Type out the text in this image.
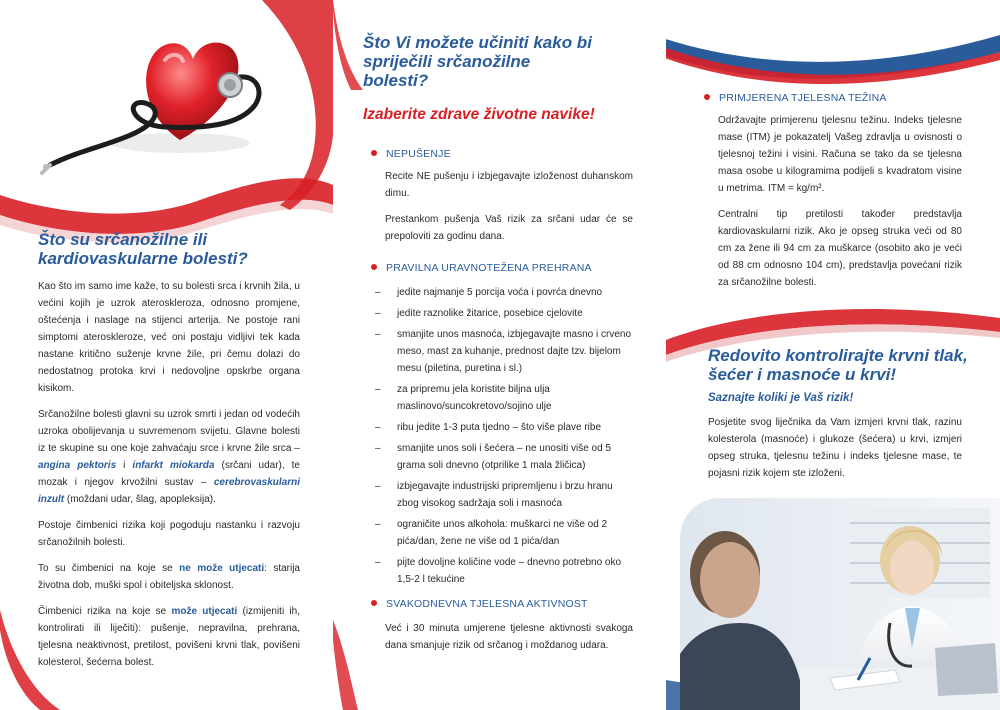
Što su srčanožilne ili kardiovaskularne bolesti?

Kao što im samo ime kaže, to su bolesti srca i krvnih žila, u većini kojih je uzrok ateroskleroza, odnosno promjene, oštećenja i naslage na stijenci arterija. Ne postoje rani simptomi ateroskleroze, već oni postaju vidljivi tek kada nastane kritično suženje krvne žile, pri čemu dolazi do nedostatnog protoka krvi i nedovoljne opskrbe organa kisikom.

Srčanožilne bolesti glavni su uzrok smrti i jedan od vodećih uzroka obolijevanja u suvremenom svijetu. Glavne bolesti iz te skupine su one koje zahvaćaju srce i krvne žile srca – angina pektoris i infarkt miokarda (srčani udar), te mozak i njegov krvožilni sustav – cerebrovaskularni inzult (moždani udar, šlag, apopleksija).

Postoje čimbenici rizika koji pogoduju nastanku i razvoju srčanožilnih bolesti.

To su čimbenici na koje se ne može utjecati: starija životna dob, muški spol i obiteljska sklonost.

Čimbenici rizika na koje se može utjecati (izmijeniti ih, kontrolirati ili liječiti): pušenje, nepravilna, prehrana, tjelesna neaktivnost, pretilost, povišeni krvni tlak, povišeni kolesterol, šećerna bolest.

Što Vi možete učiniti kako bi spriječili srčanožilne bolesti?
Izaberite zdrave životne navike!
NEPUŠENJE

Recite NE pušenju i izbjegavajte izloženost duhanskom dimu.

Prestankom pušenja Vaš rizik za srčani udar će se prepoloviti za godinu dana.

PRAVILNA URAVNOTEŽENA PREHRANA
– jedite najmanje 5 porcija voća i povrća dnevno
– jedite raznolike žitarice, posebice cjelovite
– smanjite unos masnoća, izbjegavajte masno i crveno meso, mast za kuhanje, prednost dajte tzv. bijelom mesu (piletina, puretina i sl.)
– za pripremu jela koristite biljna ulja maslinovo/suncokretovo/sojino ulje
– ribu jedite 1-3 puta tjedno – što više plave ribe
– smanjite unos soli i šećera – ne unositi više od 5 grama soli dnevno (otprilike 1 mala žličica)
– izbjegavajte industrijski pripremljenu i brzu hranu zbog visokog sadržaja soli i masnoća
– ograničite unos alkohola: muškarci ne više od 2 pića/dan, žene ne više od 1 pića/dan
– pijte dovoljne količine vode – dnevno potrebno oko 1,5-2 l tekućine
SVAKODNEVNA TJELESNA AKTIVNOST

Već i 30 minuta umjerene tjelesne aktivnosti svakoga dana smanjuje rizik od srčanog i moždanog udara.

PRIMJERENA TJELESNA TEŽINA

Održavajte primjerenu tjelesnu težinu. Indeks tjelesne mase (ITM) je pokazatelj Vašeg zdravlja u ovisnosti o tjelesnoj težini i visini. Računa se tako da se tjelesna masa osobe u kilogramima podijeli s kvadratom visine u metrima. ITM = kg/m².

Centralni tip pretilosti također predstavlja kardiovaskularni rizik. Ako je opseg struka veći od 80 cm za žene ili 94 cm za muškarce (osobito ako je veći od 88 cm odnosno 104 cm), predstavlja povećani rizik za srčanožilne bolesti.

Redovito kontrolirajte krvni tlak, šećer i masnoće u krvi!
Saznajte koliki je Vaš rizik!

Posjetite svog liječnika da Vam izmjeri krvni tlak, razinu kolesterola (masnoće) i glukoze (šećera) u krvi, izmjeri opseg struka, tjelesnu težinu i indeks tjelesne mase, te pojasni rizik kojem ste izloženi.
